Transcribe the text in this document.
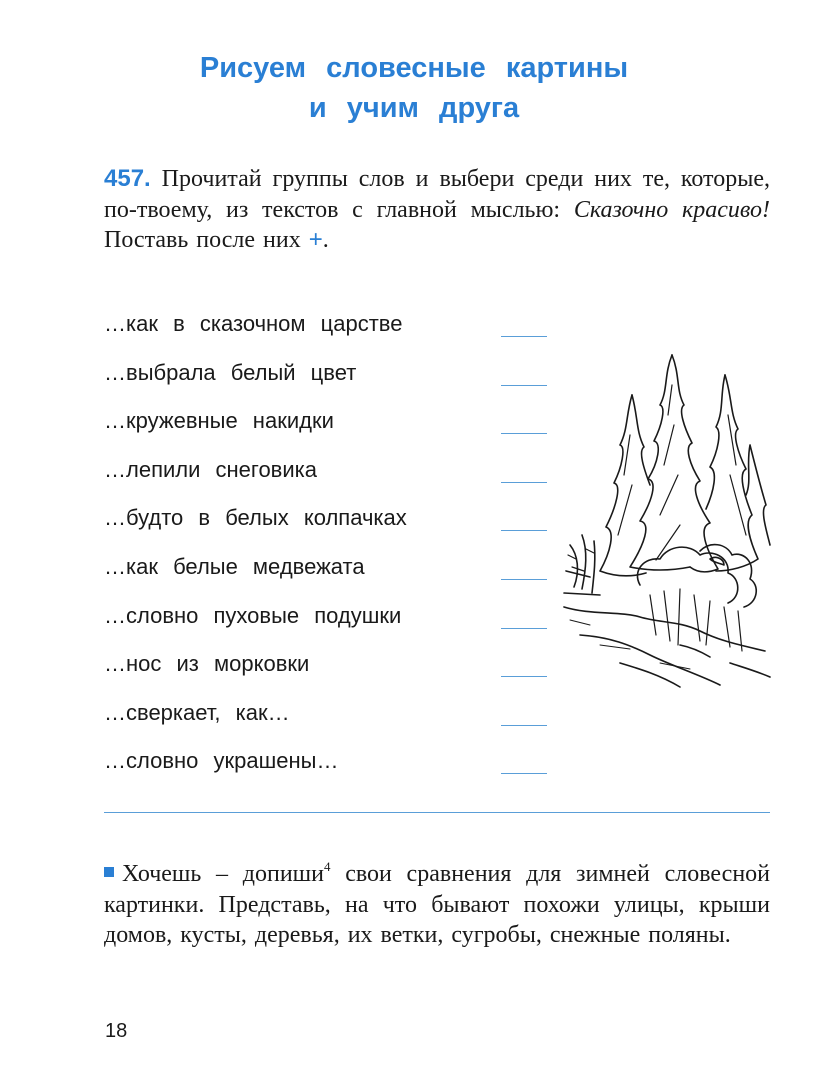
Рисуем словесные картины
и учим друга
457. Прочитай группы слов и выбери среди них те, которые, по-твоему, из текстов с главной мыслью: Сказочно красиво! Поставь после них +.
…как в сказочном царстве
…выбрала белый цвет
…кружевные накидки
…лепили снеговика
…будто в белых колпачках
…как белые медвежата
…словно пуховые подушки
…нос из морковки
…сверкает, как…
…словно украшены…
Хочешь – допиши$^4$ свои сравнения для зимней словесной картинки. Представь, на что бывают похожи улицы, крыши домов, кусты, деревья, их ветки, сугробы, снежные поляны.
18
